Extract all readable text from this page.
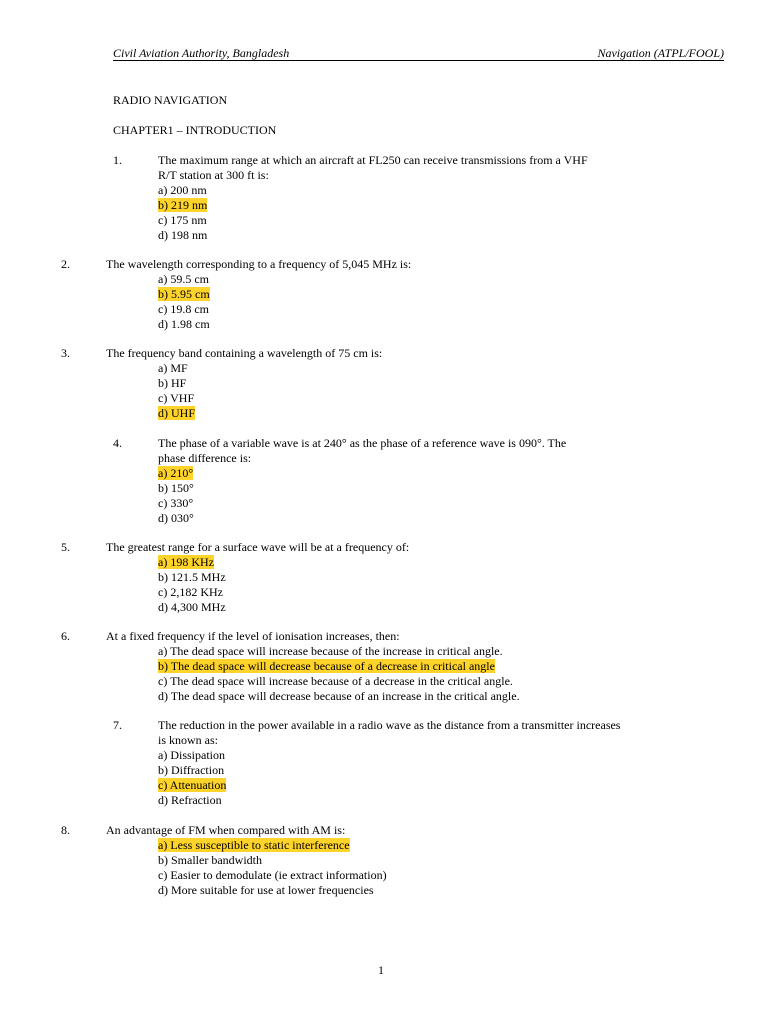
Civil Aviation Authority, Bangladesh	Navigation (ATPL/FOOL)
RADIO NAVIGATION
CHAPTER1 – INTRODUCTION
1.	The maximum range at which an aircraft at FL250 can receive transmissions from a VHF
R/T station at 300 ft is:
a) 200 nm
b) 219 nm
c) 175 nm
d) 198 nm
2.	The wavelength corresponding to a frequency of 5,045 MHz is:
a) 59.5 cm
b) 5.95 cm
c) 19.8 cm
d) 1.98 cm
3.	The frequency band containing a wavelength of 75 cm is:
a) MF
b) HF
c) VHF
d) UHF
4.	The phase of a variable wave is at 240° as the phase of a reference wave is 090°. The
phase difference is:
a) 210°
b) 150°
c) 330°
d) 030°
5.	The greatest range for a surface wave will be at a frequency of:
a) 198 KHz
b) 121.5 MHz
c) 2,182 KHz
d) 4,300 MHz
6.	At a fixed frequency if the level of ionisation increases, then:
a) The dead space will increase because of the increase in critical angle.
b) The dead space will decrease because of a decrease in critical angle
c) The dead space will increase because of a decrease in the critical angle.
d) The dead space will decrease because of an increase in the critical angle.
7.	The reduction in the power available in a radio wave as the distance from a transmitter increases
is known as:
a) Dissipation
b) Diffraction
c) Attenuation
d) Refraction
8.	An advantage of FM when compared with AM is:
a) Less susceptible to static interference
b) Smaller bandwidth
c) Easier to demodulate (ie extract information)
d) More suitable for use at lower frequencies
1
